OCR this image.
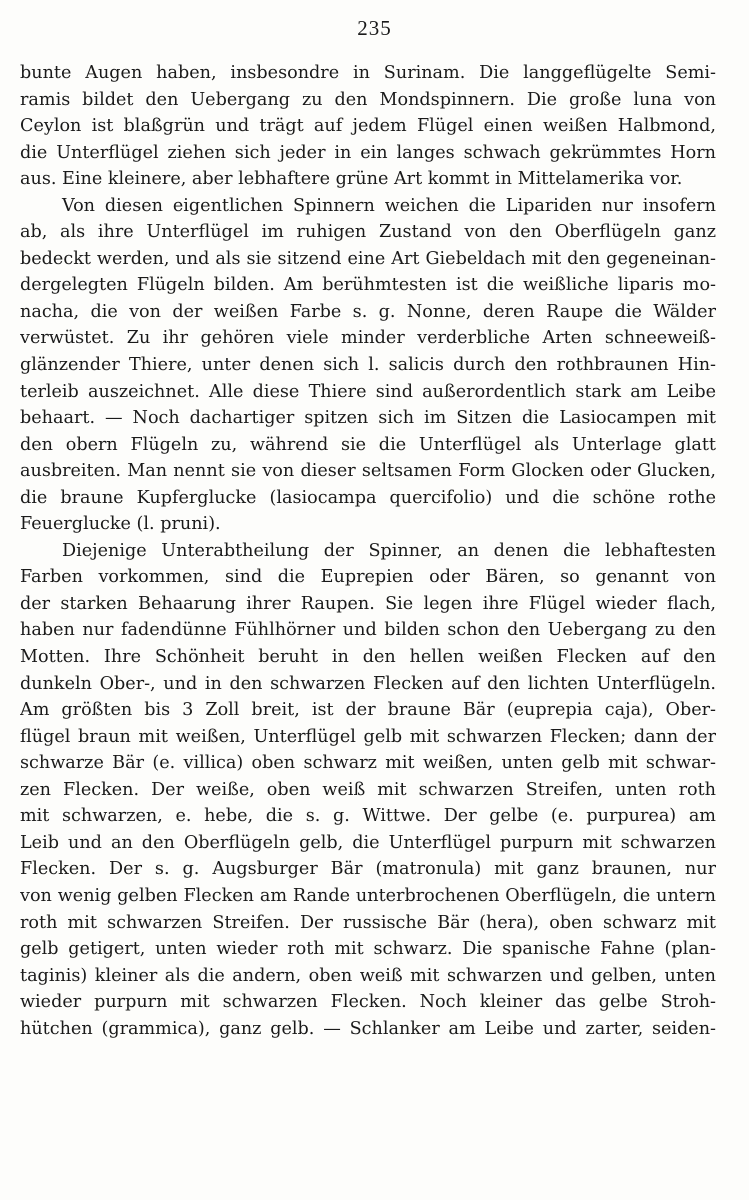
235
bunte Augen haben, insbesondre in Surinam. Die langgeflügelte Semi-
ramis bildet den Uebergang zu den Mondspinnern. Die große luna von
Ceylon ist blaßgrün und trägt auf jedem Flügel einen weißen Halbmond,
die Unterflügel ziehen sich jeder in ein langes schwach gekrümmtes Horn
aus. Eine kleinere, aber lebhaftere grüne Art kommt in Mittelamerika vor.
Von diesen eigentlichen Spinnern weichen die Lipariden nur insofern
ab, als ihre Unterflügel im ruhigen Zustand von den Oberflügeln ganz
bedeckt werden, und als sie sitzend eine Art Giebeldach mit den gegeneinan-
dergelegten Flügeln bilden. Am berühmtesten ist die weißliche liparis mo-
nacha, die von der weißen Farbe s. g. Nonne, deren Raupe die Wälder
verwüstet. Zu ihr gehören viele minder verderbliche Arten schneeweiß-
glänzender Thiere, unter denen sich l. salicis durch den rothbraunen Hin-
terleib auszeichnet. Alle diese Thiere sind außerordentlich stark am Leibe
behaart. — Noch dachartiger spitzen sich im Sitzen die Lasiocampen mit
den obern Flügeln zu, während sie die Unterflügel als Unterlage glatt
ausbreiten. Man nennt sie von dieser seltsamen Form Glocken oder Glucken,
die braune Kupferglucke (lasiocampa quercifolio) und die schöne rothe
Feuerglucke (l. pruni).
Diejenige Unterabtheilung der Spinner, an denen die lebhaftesten
Farben vorkommen, sind die Euprepien oder Bären, so genannt von
der starken Behaarung ihrer Raupen. Sie legen ihre Flügel wieder flach,
haben nur fadendünne Fühlhörner und bilden schon den Uebergang zu den
Motten. Ihre Schönheit beruht in den hellen weißen Flecken auf den
dunkeln Ober-, und in den schwarzen Flecken auf den lichten Unterflügeln.
Am größten bis 3 Zoll breit, ist der braune Bär (euprepia caja), Ober-
flügel braun mit weißen, Unterflügel gelb mit schwarzen Flecken; dann der
schwarze Bär (e. villica) oben schwarz mit weißen, unten gelb mit schwar-
zen Flecken. Der weiße, oben weiß mit schwarzen Streifen, unten roth
mit schwarzen, e. hebe, die s. g. Wittwe. Der gelbe (e. purpurea) am
Leib und an den Oberflügeln gelb, die Unterflügel purpurn mit schwarzen
Flecken. Der s. g. Augsburger Bär (matronula) mit ganz braunen, nur
von wenig gelben Flecken am Rande unterbrochenen Oberflügeln, die untern
roth mit schwarzen Streifen. Der russische Bär (hera), oben schwarz mit
gelb getigert, unten wieder roth mit schwarz. Die spanische Fahne (plan-
taginis) kleiner als die andern, oben weiß mit schwarzen und gelben, unten
wieder purpurn mit schwarzen Flecken. Noch kleiner das gelbe Stroh-
hütchen (grammica), ganz gelb. — Schlanker am Leibe und zarter, seiden-
